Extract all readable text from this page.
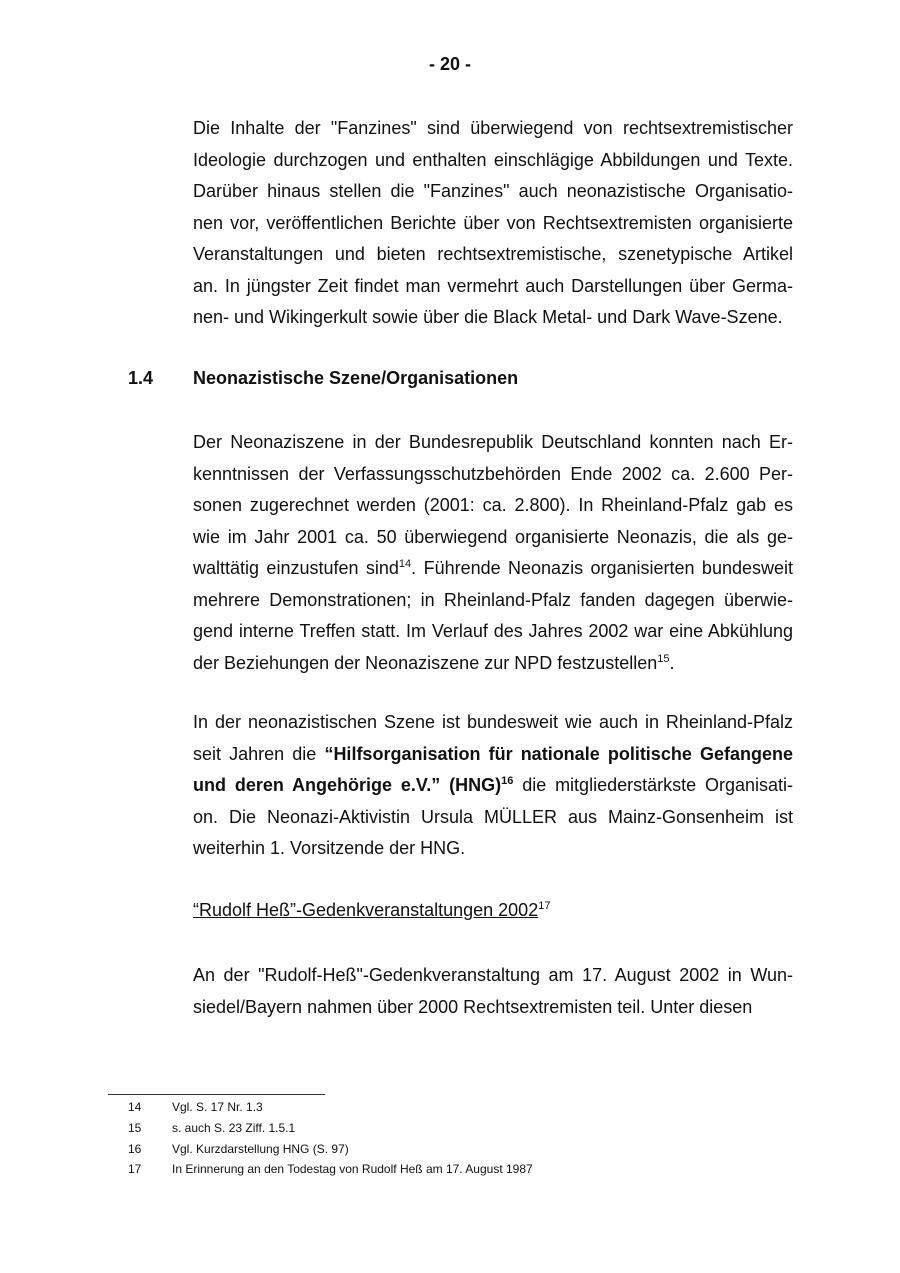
- 20 -
Die Inhalte der "Fanzines" sind überwiegend von rechtsextremistischer
Ideologie durchzogen und enthalten einschlägige Abbildungen und Texte.
Darüber hinaus stellen die "Fanzines" auch neonazistische Organisatio-
nen vor, veröffentlichen Berichte über von Rechtsextremisten organisierte
Veranstaltungen und bieten rechtsextremistische, szenetypische Artikel
an. In jüngster Zeit findet man vermehrt auch Darstellungen über Germa-
nen- und Wikingerkult sowie über die Black Metal- und Dark Wave-Szene.
1.4 Neonazistische Szene/Organisationen
Der Neonaziszene in der Bundesrepublik Deutschland konnten nach Er-
kenntnissen der Verfassungsschutzbehörden Ende 2002 ca. 2.600 Per-
sonen zugerechnet werden (2001: ca. 2.800). In Rheinland-Pfalz gab es
wie im Jahr 2001 ca. 50 überwiegend organisierte Neonazis, die als ge-
walttätig einzustufen sind$^{14}$. Führende Neonazis organisierten bundesweit
mehrere Demonstrationen; in Rheinland-Pfalz fanden dagegen überwie-
gend interne Treffen statt. Im Verlauf des Jahres 2002 war eine Abkühlung
der Beziehungen der Neonaziszene zur NPD festzustellen$^{15}$.
In der neonazistischen Szene ist bundesweit wie auch in Rheinland-Pfalz
seit Jahren die “Hilfsorganisation für nationale politische Gefangene
und deren Angehörige e.V.” (HNG)$^{16}$ die mitgliederstärkste Organisati-
on. Die Neonazi-Aktivistin Ursula MÜLLER aus Mainz-Gonsenheim ist
weiterhin 1. Vorsitzende der HNG.
“Rudolf Heß”-Gedenkveranstaltungen 2002$^{17}$
An der "Rudolf-Heß"-Gedenkveranstaltung am 17. August 2002 in Wun-
siedel/Bayern nahmen über 2000 Rechtsextremisten teil. Unter diesen
14	Vgl. S. 17 Nr. 1.3
15	s. auch S. 23 Ziff. 1.5.1
16	Vgl. Kurzdarstellung HNG (S. 97)
17	In Erinnerung an den Todestag von Rudolf Heß am 17. August 1987
